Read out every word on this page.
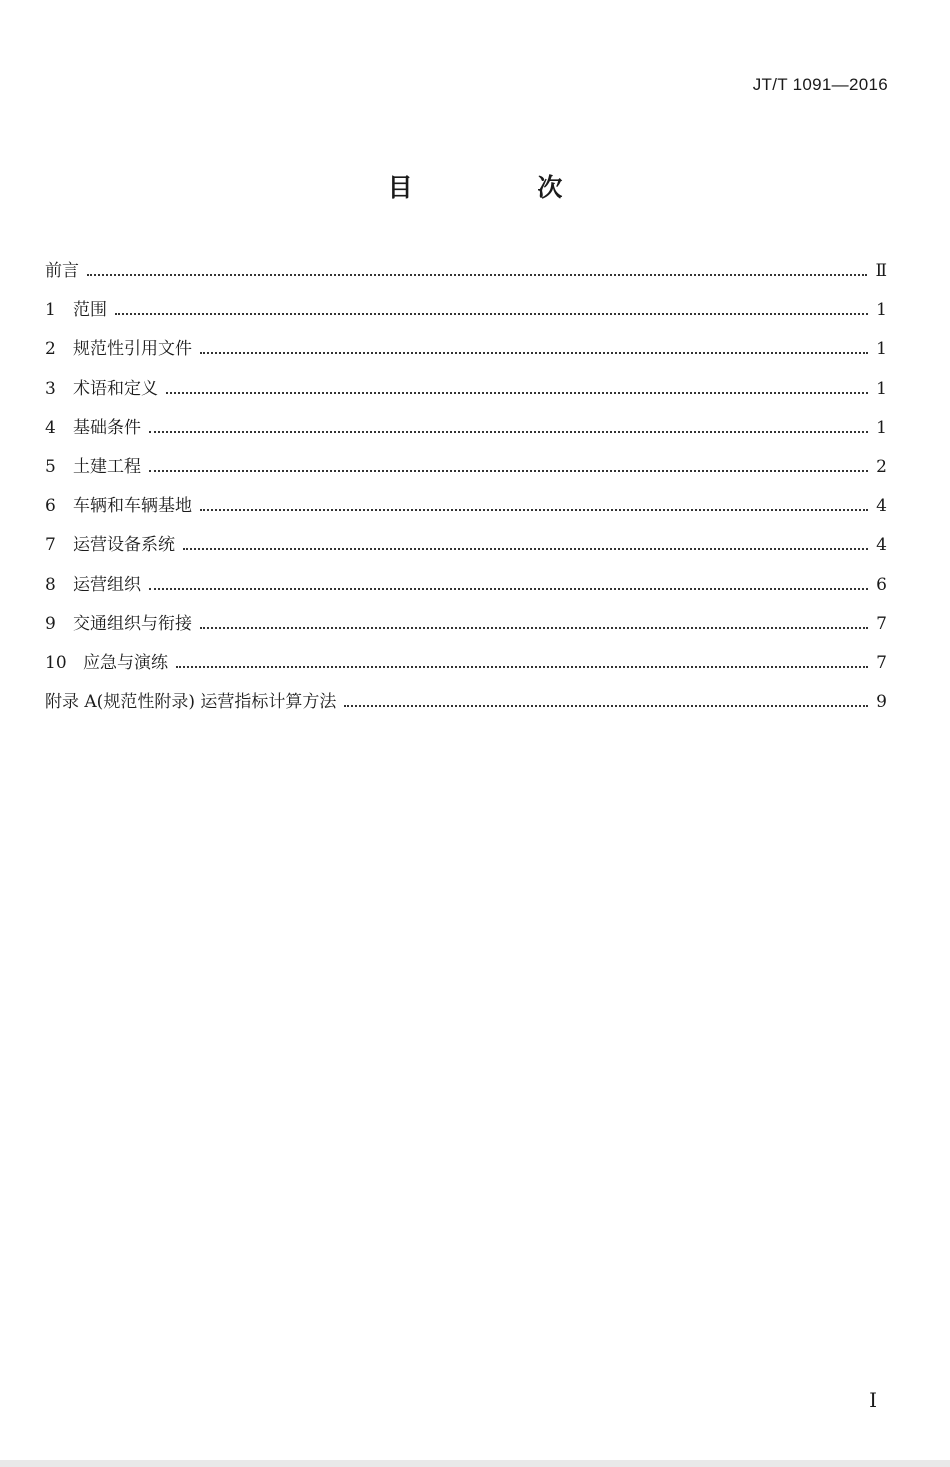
JT/T 1091—2016
目 次
前言	Ⅱ
1	范围	1
2	规范性引用文件	1
3	术语和定义	1
4	基础条件	1
5	土建工程	2
6	车辆和车辆基地	4
7	运营设备系统	4
8	运营组织	6
9	交通组织与衔接	7
10 应急与演练	7
附录 A(规范性附录) 运营指标计算方法	9
I
